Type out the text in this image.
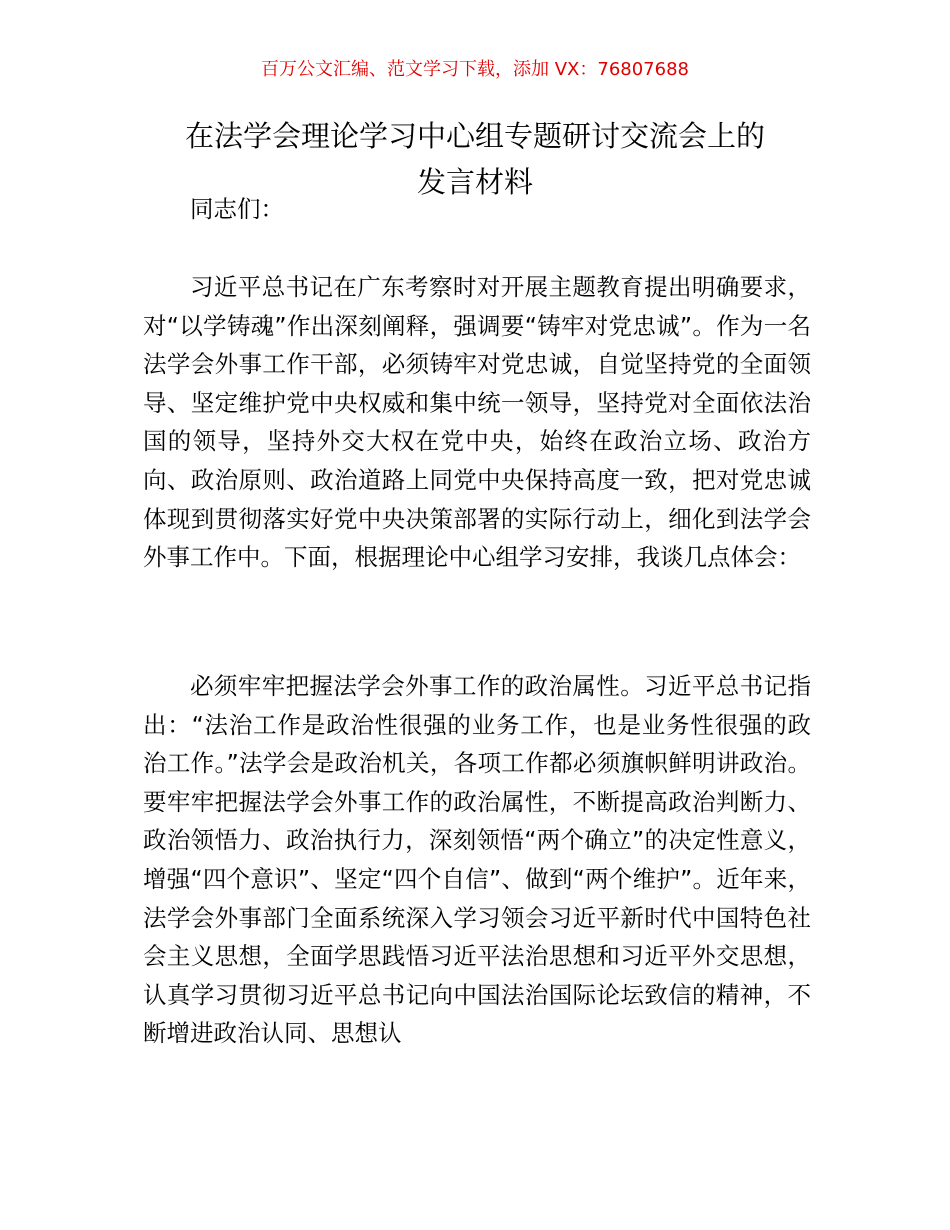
百万公文汇编、范文学习下载，添加 VX：76807688
在法学会理论学习中心组专题研讨交流会上的
发言材料

同志们：

习近平总书记在广东考察时对开展主题教育提出明确要求，对“以学铸魂”作出深刻阐释，强调要“铸牢对党忠诚”。作为一名法学会外事工作干部，必须铸牢对党忠诚，自觉坚持党的全面领导、坚定维护党中央权威和集中统一领导，坚持党对全面依法治国的领导，坚持外交大权在党中央，始终在政治立场、政治方向、政治原则、政治道路上同党中央保持高度一致，把对党忠诚体现到贯彻落实好党中央决策部署的实际行动上，细化到法学会外事工作中。下面，根据理论中心组学习安排，我谈几点体会：

必须牢牢把握法学会外事工作的政治属性。习近平总书记指出：“法治工作是政治性很强的业务工作，也是业务性很强的政治工作。”法学会是政治机关，各项工作都必须旗帜鲜明讲政治。要牢牢把握法学会外事工作的政治属性，不断提高政治判断力、政治领悟力、政治执行力，深刻领悟“两个确立”的决定性意义，增强“四个意识”、坚定“四个自信”、做到“两个维护”。近年来，法学会外事部门全面系统深入学习领会习近平新时代中国特色社会主义思想，全面学思践悟习近平法治思想和习近平外交思想，认真学习贯彻习近平总书记向中国法治国际论坛致信的精神，不断增进政治认同、思想认
